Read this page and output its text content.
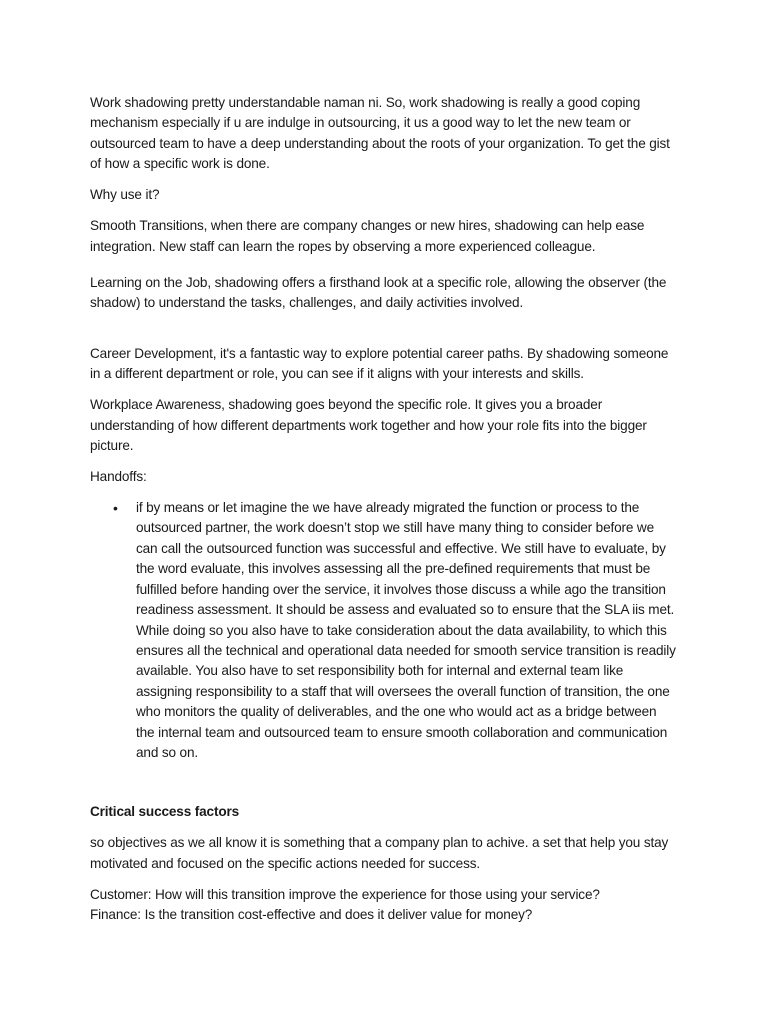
Work shadowing pretty understandable naman ni. So, work shadowing is really a good coping mechanism especially if u are indulge in outsourcing, it us a good way to let the new team or outsourced team to have a deep understanding about the roots of your organization. To get the gist of how a specific work is done.

Why use it?

Smooth Transitions, when there are company changes or new hires, shadowing can help ease integration. New staff can learn the ropes by observing a more experienced colleague.

Learning on the Job, shadowing offers a firsthand look at a specific role, allowing the observer (the shadow) to understand the tasks, challenges, and daily activities involved.

Career Development, it's a fantastic way to explore potential career paths. By shadowing someone in a different department or role, you can see if it aligns with your interests and skills.

Workplace Awareness, shadowing goes beyond the specific role. It gives you a broader understanding of how different departments work together and how your role fits into the bigger picture.

Handoffs:

• if by means or let imagine the we have already migrated the function or process to the outsourced partner, the work doesn’t stop we still have many thing to consider before we can call the outsourced function was successful and effective. We still have to evaluate, by the word evaluate, this involves assessing all the pre-defined requirements that must be fulfilled before handing over the service, it involves those discuss a while ago the transition readiness assessment. It should be assess and evaluated so to ensure that the SLA iis met. While doing so you also have to take consideration about the data availability, to which this ensures all the technical and operational data needed for smooth service transition is readily available. You also have to set responsibility both for internal and external team like assigning responsibility to a staff that will oversees the overall function of transition, the one who monitors the quality of deliverables, and the one who would act as a bridge between the internal team and outsourced team to ensure smooth collaboration and communication and so on.

Critical success factors

so objectives as we all know it is something that a company plan to achive. a set that help you stay motivated and focused on the specific actions needed for success.

Customer: How will this transition improve the experience for those using your service?
Finance: Is the transition cost-effective and does it deliver value for money?
